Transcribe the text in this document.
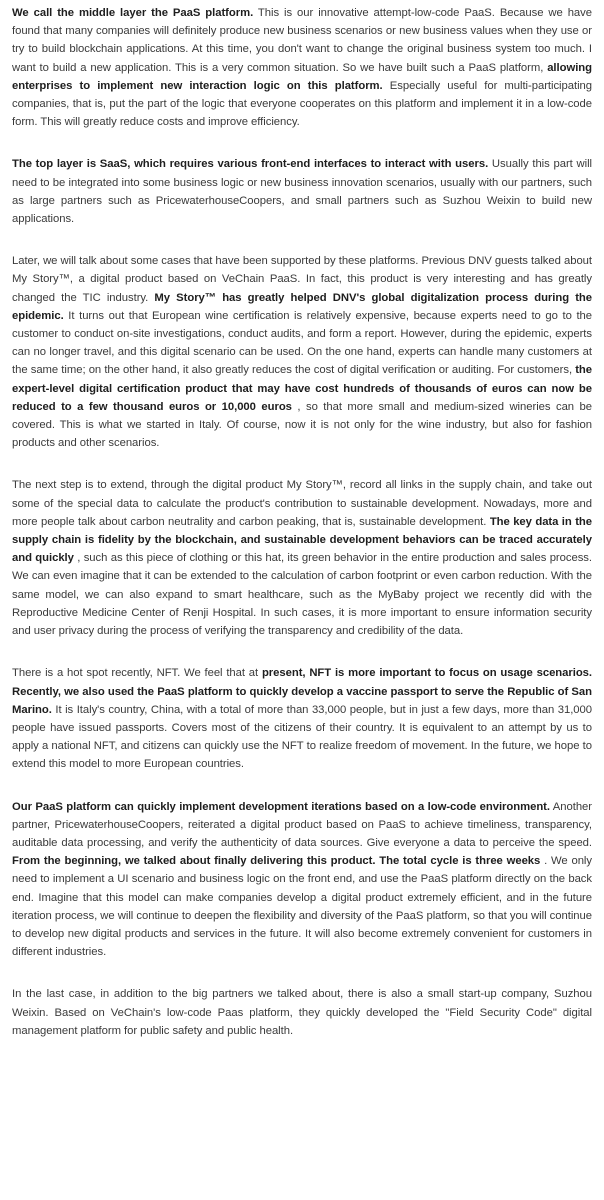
We call the middle layer the PaaS platform. This is our innovative attempt-low-code PaaS. Because we have found that many companies will definitely produce new business scenarios or new business values when they use or try to build blockchain applications. At this time, you don't want to change the original business system too much. I want to build a new application. This is a very common situation. So we have built such a PaaS platform, allowing enterprises to implement new interaction logic on this platform. Especially useful for multi-participating companies, that is, put the part of the logic that everyone cooperates on this platform and implement it in a low-code form. This will greatly reduce costs and improve efficiency.

The top layer is SaaS, which requires various front-end interfaces to interact with users. Usually this part will need to be integrated into some business logic or new business innovation scenarios, usually with our partners, such as large partners such as PricewaterhouseCoopers, and small partners such as Suzhou Weixin to build new applications.

Later, we will talk about some cases that have been supported by these platforms. Previous DNV guests talked about My Story™, a digital product based on VeChain PaaS. In fact, this product is very interesting and has greatly changed the TIC industry. My Story™ has greatly helped DNV's global digitalization process during the epidemic. It turns out that European wine certification is relatively expensive, because experts need to go to the customer to conduct on-site investigations, conduct audits, and form a report. However, during the epidemic, experts can no longer travel, and this digital scenario can be used. On the one hand, experts can handle many customers at the same time; on the other hand, it also greatly reduces the cost of digital verification or auditing. For customers, the expert-level digital certification product that may have cost hundreds of thousands of euros can now be reduced to a few thousand euros or 10,000 euros , so that more small and medium-sized wineries can be covered. This is what we started in Italy. Of course, now it is not only for the wine industry, but also for fashion products and other scenarios.

The next step is to extend, through the digital product My Story™, record all links in the supply chain, and take out some of the special data to calculate the product's contribution to sustainable development. Nowadays, more and more people talk about carbon neutrality and carbon peaking, that is, sustainable development. The key data in the supply chain is fidelity by the blockchain, and sustainable development behaviors can be traced accurately and quickly , such as this piece of clothing or this hat, its green behavior in the entire production and sales process. We can even imagine that it can be extended to the calculation of carbon footprint or even carbon reduction. With the same model, we can also expand to smart healthcare, such as the MyBaby project we recently did with the Reproductive Medicine Center of Renji Hospital. In such cases, it is more important to ensure information security and user privacy during the process of verifying the transparency and credibility of the data.

There is a hot spot recently, NFT. We feel that at present, NFT is more important to focus on usage scenarios. Recently, we also used the PaaS platform to quickly develop a vaccine passport to serve the Republic of San Marino. It is Italy's country, China, with a total of more than 33,000 people, but in just a few days, more than 31,000 people have issued passports. Covers most of the citizens of their country. It is equivalent to an attempt by us to apply a national NFT, and citizens can quickly use the NFT to realize freedom of movement. In the future, we hope to extend this model to more European countries.

Our PaaS platform can quickly implement development iterations based on a low-code environment. Another partner, PricewaterhouseCoopers, reiterated a digital product based on PaaS to achieve timeliness, transparency, auditable data processing, and verify the authenticity of data sources. Give everyone a data to perceive the speed. From the beginning, we talked about finally delivering this product. The total cycle is three weeks . We only need to implement a UI scenario and business logic on the front end, and use the PaaS platform directly on the back end. Imagine that this model can make companies develop a digital product extremely efficient, and in the future iteration process, we will continue to deepen the flexibility and diversity of the PaaS platform, so that you will continue to develop new digital products and services in the future. It will also become extremely convenient for customers in different industries.

In the last case, in addition to the big partners we talked about, there is also a small start-up company, Suzhou Weixin. Based on VeChain's low-code Paas platform, they quickly developed the "Field Security Code" digital management platform for public safety and public health.
